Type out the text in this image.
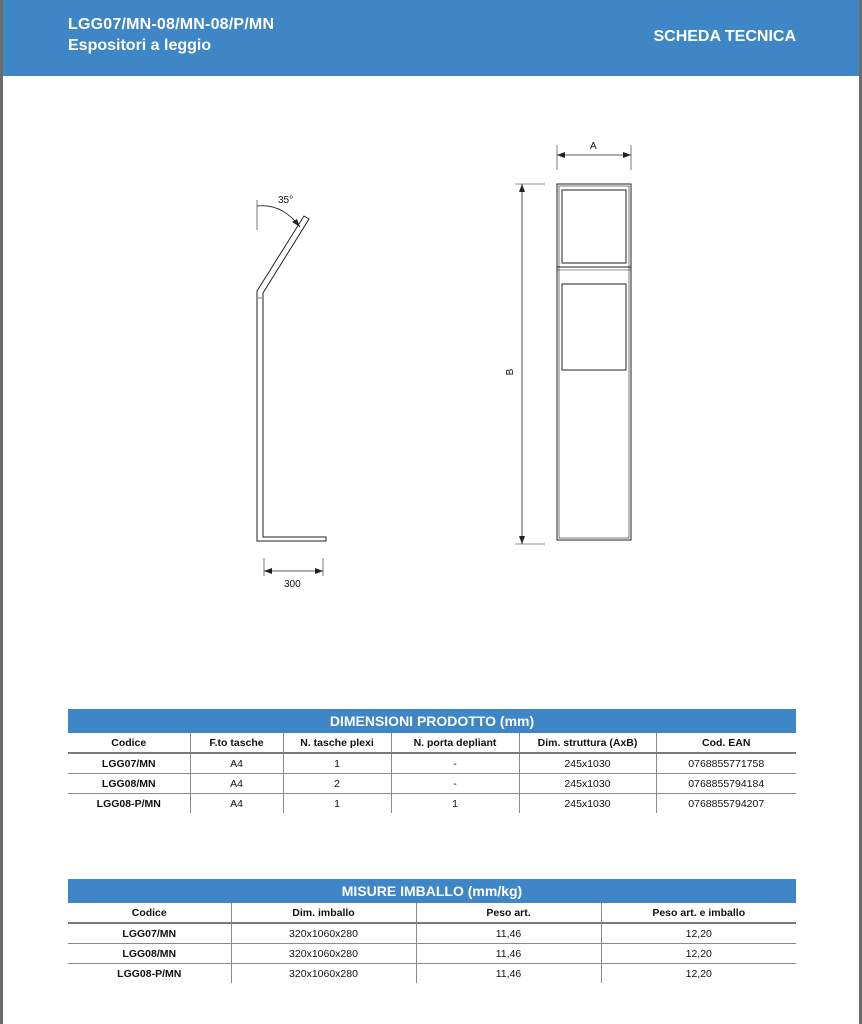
LGG07/MN-08/MN-08/P/MN
Espositori a leggio
SCHEDA TECNICA
35°
300
A
B
DIMENSIONI PRODOTTO (mm)
Codice	F.to tasche	N. tasche plexi	N. porta depliant	Dim. struttura (AxB)	Cod. EAN
LGG07/MN	A4	1	-	245x1030	0768855771758
LGG08/MN	A4	2	-	245x1030	0768855794184
LGG08-P/MN	A4	1	1	245x1030	0768855794207
MISURE IMBALLO (mm/kg)
Codice	Dim. imballo	Peso art.	Peso art. e imballo
LGG07/MN	320x1060x280	11,46	12,20
LGG08/MN	320x1060x280	11,46	12,20
LGG08-P/MN	320x1060x280	11,46	12,20
